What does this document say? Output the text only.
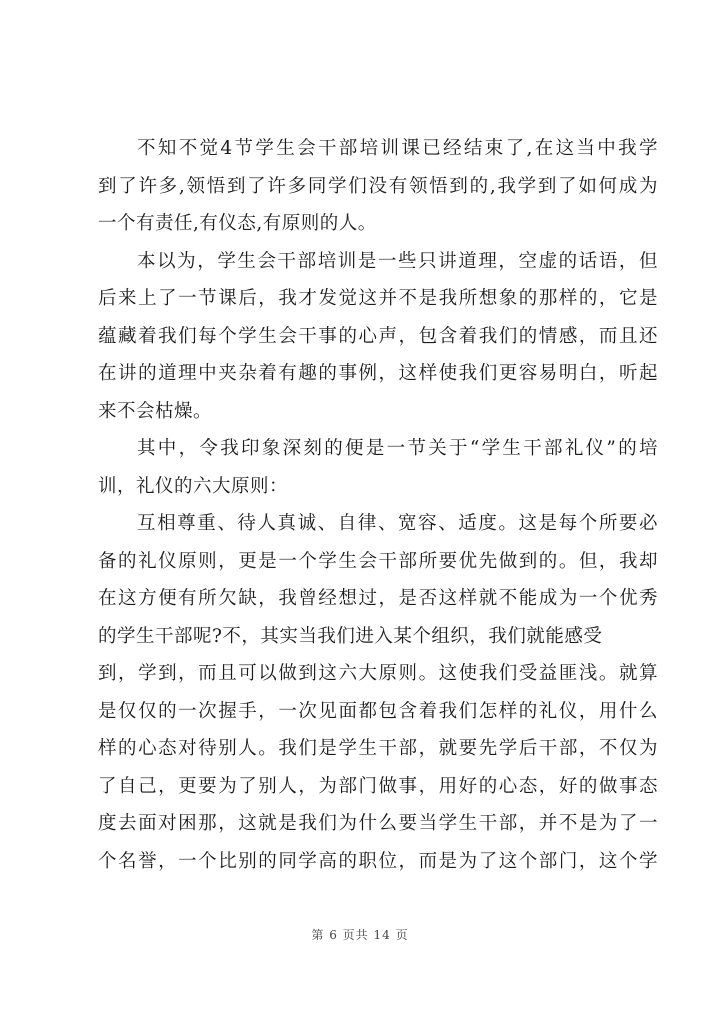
不知不觉4节学生会干部培训课已经结束了,在这当中我学
到了许多,领悟到了许多同学们没有领悟到的,我学到了如何成为
一个有责任,有仪态,有原则的人。
本以为，学生会干部培训是一些只讲道理，空虚的话语，但
后来上了一节课后，我才发觉这并不是我所想象的那样的，它是
蕴藏着我们每个学生会干事的心声，包含着我们的情感，而且还
在讲的道理中夹杂着有趣的事例，这样使我们更容易明白，听起
来不会枯燥。
其中，令我印象深刻的便是一节关于“学生干部礼仪”的培
训，礼仪的六大原则：
互相尊重、待人真诚、自律、宽容、适度。这是每个所要必
备的礼仪原则，更是一个学生会干部所要优先做到的。但，我却
在这方便有所欠缺，我曾经想过，是否这样就不能成为一个优秀
的学生干部呢?不，其实当我们进入某个组织，我们就能感受
到，学到，而且可以做到这六大原则。这使我们受益匪浅。就算
是仅仅的一次握手，一次见面都包含着我们怎样的礼仪，用什么
样的心态对待别人。我们是学生干部，就要先学后干部，不仅为
了自己，更要为了别人，为部门做事，用好的心态，好的做事态
度去面对困那，这就是我们为什么要当学生干部，并不是为了一
个名誉，一个比别的同学高的职位，而是为了这个部门，这个学
第 6 页共 14 页
